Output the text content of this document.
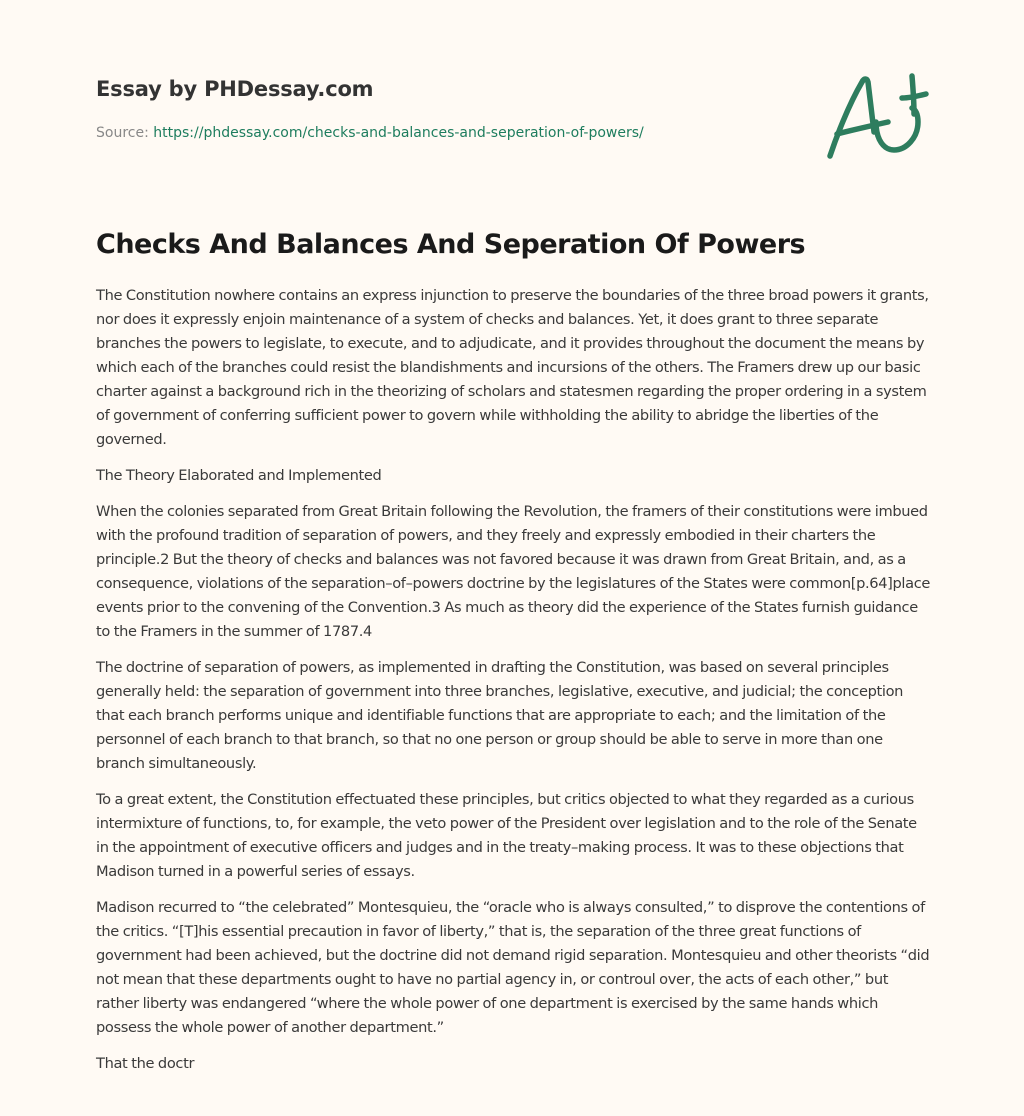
Essay by PHDessay.com
Source: https://phdessay.com/checks-and-balances-and-seperation-of-powers/
Checks And Balances And Seperation Of Powers

The Constitution nowhere contains an express injunction to preserve the boundaries of the three broad powers it grants, nor does it expressly enjoin maintenance of a system of checks and balances. Yet, it does grant to three separate branches the powers to legislate, to execute, and to adjudicate, and it provides throughout the document the means by which each of the branches could resist the blandishments and incursions of the others. The Framers drew up our basic charter against a background rich in the theorizing of scholars and statesmen regarding the proper ordering in a system of government of conferring sufficient power to govern while withholding the ability to abridge the liberties of the governed.

The Theory Elaborated and Implemented

When the colonies separated from Great Britain following the Revolution, the framers of their constitutions were imbued with the profound tradition of separation of powers, and they freely and expressly embodied in their charters the principle.2 But the theory of checks and balances was not favored because it was drawn from Great Britain, and, as a consequence, violations of the separation–of–powers doctrine by the legislatures of the States were common[p.64]place events prior to the convening of the Convention.3 As much as theory did the experience of the States furnish guidance to the Framers in the summer of 1787.4

The doctrine of separation of powers, as implemented in drafting the Constitution, was based on several principles generally held: the separation of government into three branches, legislative, executive, and judicial; the conception that each branch performs unique and identifiable functions that are appropriate to each; and the limitation of the personnel of each branch to that branch, so that no one person or group should be able to serve in more than one branch simultaneously.

To a great extent, the Constitution effectuated these principles, but critics objected to what they regarded as a curious intermixture of functions, to, for example, the veto power of the President over legislation and to the role of the Senate in the appointment of executive officers and judges and in the treaty–making process. It was to these objections that Madison turned in a powerful series of essays.

Madison recurred to “the celebrated” Montesquieu, the “oracle who is always consulted,” to disprove the contentions of the critics. “[T]his essential precaution in favor of liberty,” that is, the separation of the three great functions of government had been achieved, but the doctrine did not demand rigid separation. Montesquieu and other theorists “did not mean that these departments ought to have no partial agency in, or controul over, the acts of each other,” but rather liberty was endangered “where the whole power of one department is exercised by the same hands which possess the whole power of another department.”

That the doctr
